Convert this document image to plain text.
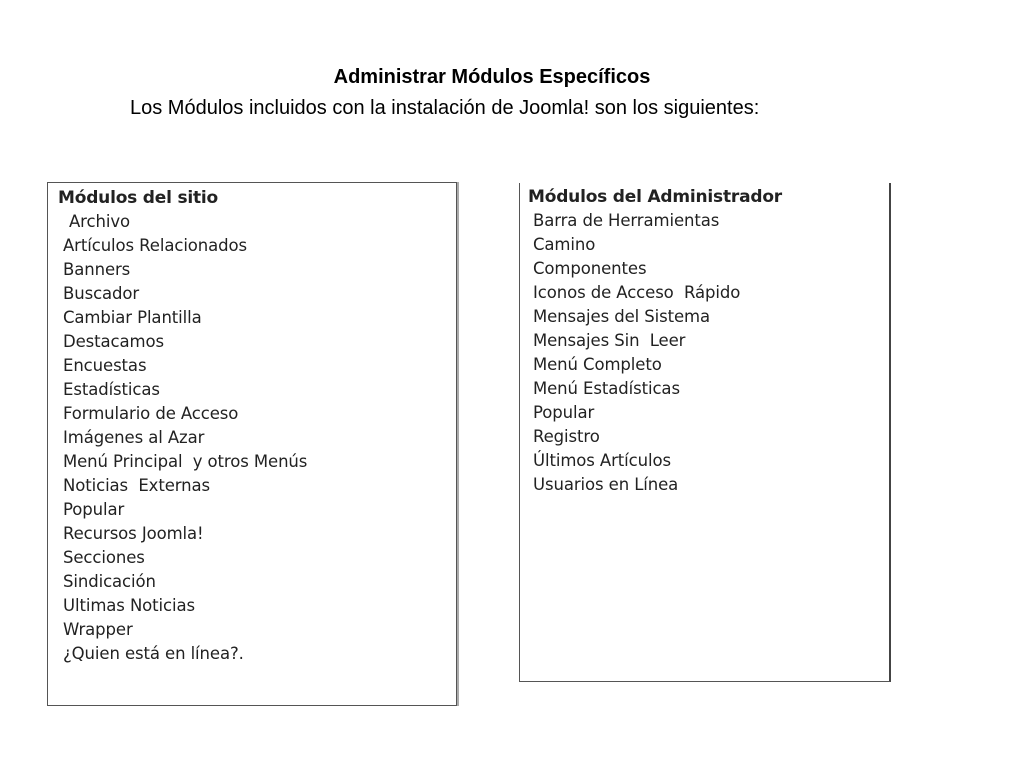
Administrar Módulos Específicos
Los Módulos incluidos con la instalación de Joomla! son los siguientes:
Módulos del sitio
Archivo
Artículos Relacionados
Banners
Buscador
Cambiar Plantilla
Destacamos
Encuestas
Estadísticas
Formulario de Acceso
Imágenes al Azar
Menú Principal  y otros Menús
Noticias  Externas
Popular
Recursos Joomla!
Secciones
Sindicación
Ultimas Noticias
Wrapper
¿Quien está en línea?.
Módulos del Administrador
Barra de Herramientas
Camino
Componentes
Iconos de Acceso  Rápido
Mensajes del Sistema
Mensajes Sin  Leer
Menú Completo
Menú Estadísticas
Popular
Registro
Últimos Artículos
Usuarios en Línea
